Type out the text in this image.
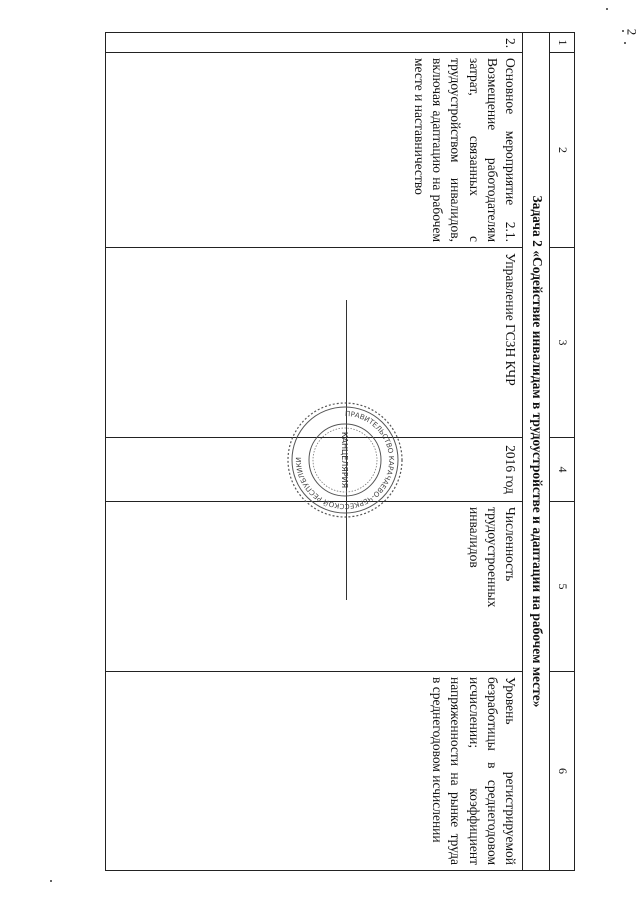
2
1	2	3	4	5	6
Задача 2 «Содействие инвалидам в трудоустройстве и адаптации на рабочем месте»					
2.	Основное мероприятие 2.1. Возмещение работодателям затрат, связанных с трудоустройством инвалидов, включая адаптацию на рабочем месте и наставничество	Управление ГСЗН КЧР	2016 год	Численность трудоустроенных инвалидов	Уровень регистрируемой безработицы в среднегодовом исчислении; коэффициент напряженности на рынке труда в среднегодовом исчислении
ПРАВИТЕЛЬСТВО КАРАЧАЕВО-ЧЕРКЕССКОЙ РЕСПУБЛИКИ	КАНЦЕЛЯРИЯ
